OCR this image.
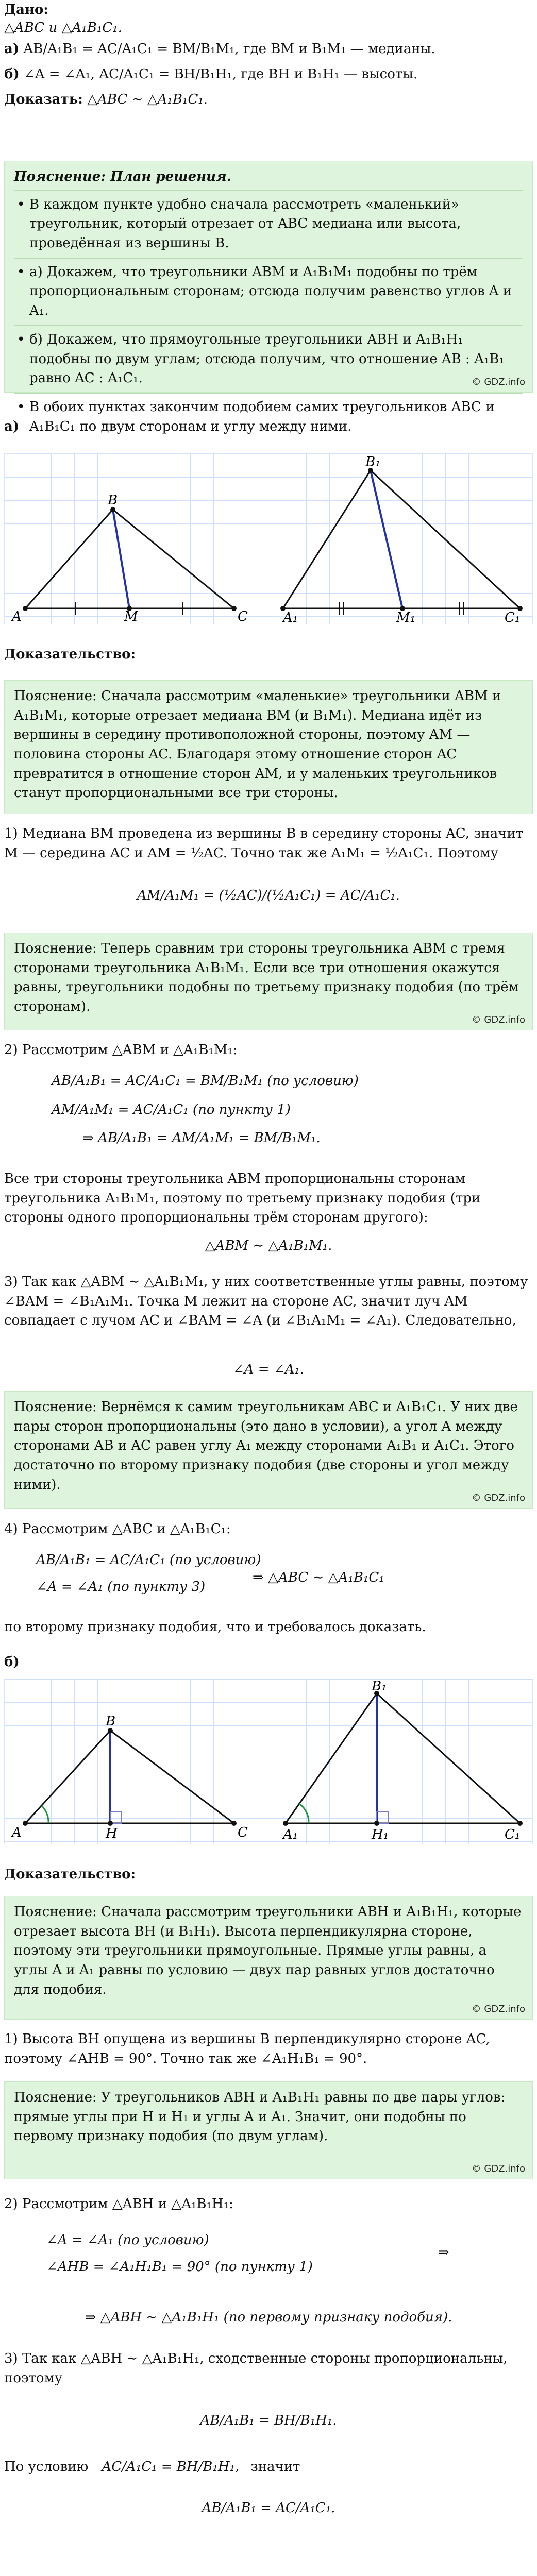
Дано:
△ABC и △A₁B₁C₁.
а) AB/A₁B₁ = AC/A₁C₁ = BM/B₁M₁, где BM и B₁M₁ — медианы.
б) ∠A = ∠A₁, AC/A₁C₁ = BH/B₁H₁, где BH и B₁H₁ — высоты.
Доказать: △ABC ∼ △A₁B₁C₁.
Пояснение: План решения.
• В каждом пункте удобно сначала рассмотреть «маленький» треугольник, который отрезает от ABC медиана или высота, проведённая из вершины B.
• а) Докажем, что треугольники ABM и A₁B₁M₁ подобны по трём пропорциональным сторонам; отсюда получим равенство углов A и A₁.
• б) Докажем, что прямоугольные треугольники ABH и A₁B₁H₁ подобны по двум углам; отсюда получим, что отношение AB : A₁B₁ равно AC : A₁C₁.
• В обоих пунктах закончим подобием самих треугольников ABC и A₁B₁C₁ по двум сторонам и углу между ними.
© GDZ.info
а)
B
A	M	C
B₁
A₁	M₁	C₁
Доказательство:
Пояснение: Сначала рассмотрим «маленькие» треугольники ABM и A₁B₁M₁, которые отрезает медиана BM (и B₁M₁). Медиана идёт из вершины в середину противоположной стороны, поэтому AM — половина стороны AC. Благодаря этому отношение сторон AC превратится в отношение сторон AM, и у маленьких треугольников станут пропорциональными все три стороны.
1) Медиана BM проведена из вершины B в середину стороны AC, значит M — середина AC и AM = ½AC. Точно так же A₁M₁ = ½A₁C₁. Поэтому
AM/A₁M₁ = (½AC)/(½A₁C₁) = AC/A₁C₁.
Пояснение: Теперь сравним три стороны треугольника ABM с тремя сторонами треугольника A₁B₁M₁. Если все три отношения окажутся равны, треугольники подобны по третьему признаку подобия (по трём сторонам).
© GDZ.info
2) Рассмотрим △ABM и △A₁B₁M₁:
AB/A₁B₁ = AC/A₁C₁ = BM/B₁M₁ (по условию)
AM/A₁M₁ = AC/A₁C₁ (по пункту 1)
⇒ AB/A₁B₁ = AM/A₁M₁ = BM/B₁M₁.
Все три стороны треугольника ABM пропорциональны сторонам треугольника A₁B₁M₁, поэтому по третьему признаку подобия (три стороны одного пропорциональны трём сторонам другого):
△ABM ∼ △A₁B₁M₁.
3) Так как △ABM ∼ △A₁B₁M₁, у них соответственные углы равны, поэтому ∠BAM = ∠B₁A₁M₁. Точка M лежит на стороне AC, значит луч AM совпадает с лучом AC и ∠BAM = ∠A (и ∠B₁A₁M₁ = ∠A₁). Следовательно,
∠A = ∠A₁.
Пояснение: Вернёмся к самим треугольникам ABC и A₁B₁C₁. У них две пары сторон пропорциональны (это дано в условии), а угол A между сторонами AB и AC равен углу A₁ между сторонами A₁B₁ и A₁C₁. Этого достаточно по второму признаку подобия (две стороны и угол между ними).
© GDZ.info
4) Рассмотрим △ABC и △A₁B₁C₁:
AB/A₁B₁ = AC/A₁C₁ (по условию)
∠A = ∠A₁ (по пункту 3)
⇒ △ABC ∼ △A₁B₁C₁
по второму признаку подобия, что и требовалось доказать.
б)
B
A	H	C
B₁
A₁	H₁	C₁
Доказательство:
Пояснение: Сначала рассмотрим треугольники ABH и A₁B₁H₁, которые отрезает высота BH (и B₁H₁). Высота перпендикулярна стороне, поэтому эти треугольники прямоугольные. Прямые углы равны, а углы A и A₁ равны по условию — двух пар равных углов достаточно для подобия.
© GDZ.info
1) Высота BH опущена из вершины B перпендикулярно стороне AC, поэтому ∠AHB = 90°. Точно так же ∠A₁H₁B₁ = 90°.
Пояснение: У треугольников ABH и A₁B₁H₁ равны по две пары углов: прямые углы при H и H₁ и углы A и A₁. Значит, они подобны по первому признаку подобия (по двум углам).
© GDZ.info
2) Рассмотрим △ABH и △A₁B₁H₁:
∠A = ∠A₁ (по условию)
∠AHB = ∠A₁H₁B₁ = 90° (по пункту 1)
⇒
⇒ △ABH ∼ △A₁B₁H₁ (по первому признаку подобия).
3) Так как △ABH ∼ △A₁B₁H₁, сходственные стороны пропорциональны, поэтому
AB/A₁B₁ = BH/B₁H₁.
По условию AC/A₁C₁ = BH/B₁H₁, значит
AB/A₁B₁ = AC/A₁C₁.
